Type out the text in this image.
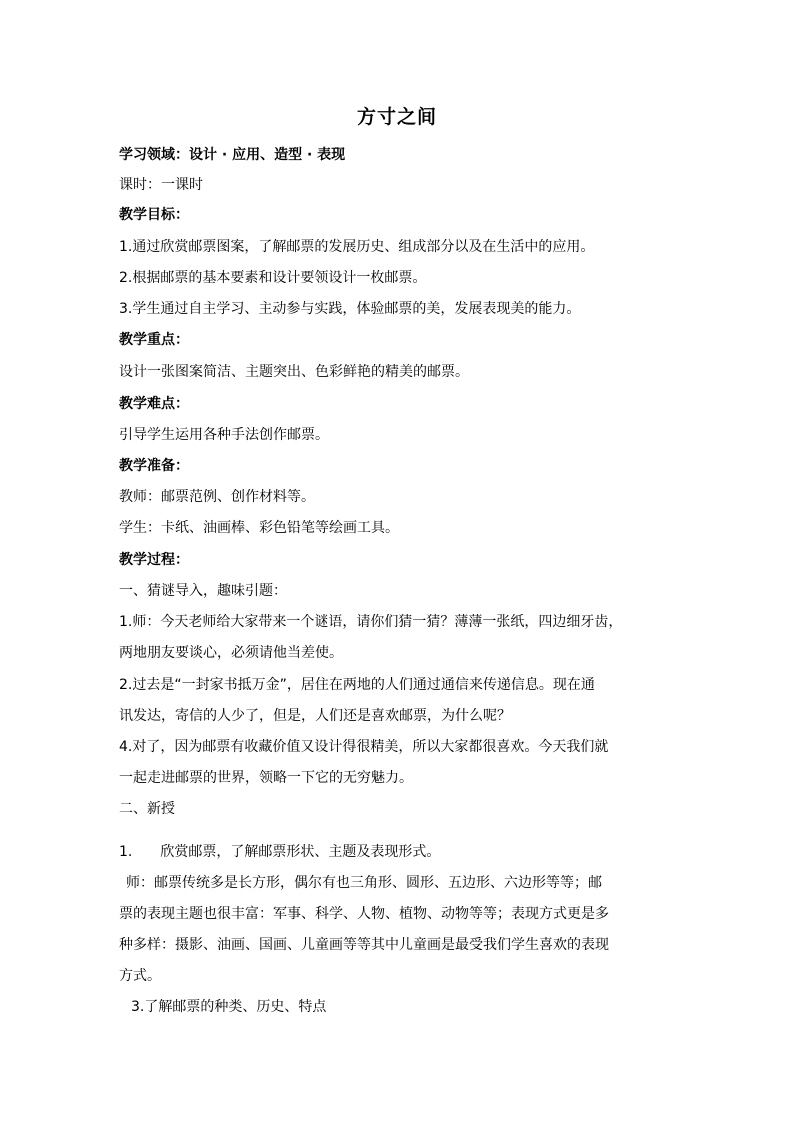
方寸之间
学习领域：设计 · 应用、造型 · 表现
课时：一课时
教学目标：
1.通过欣赏邮票图案，了解邮票的发展历史、组成部分以及在生活中的应用。
2.根据邮票的基本要素和设计要领设计一枚邮票。
3.学生通过自主学习、主动参与实践，体验邮票的美，发展表现美的能力。
教学重点：
设计一张图案简洁、主题突出、色彩鲜艳的精美的邮票。
教学难点：
引导学生运用各种手法创作邮票。
教学准备：
教师：邮票范例、创作材料等。
学生：卡纸、油画棒、彩色铅笔等绘画工具。
教学过程：
一、猜谜导入，趣味引题：
1.师：今天老师给大家带来一个谜语，请你们猜一猜？薄薄一张纸，四边细牙齿，
两地朋友要谈心，必须请他当差使。
2.过去是“一封家书抵万金”，居住在两地的人们通过通信来传递信息。现在通
讯发达，寄信的人少了，但是，人们还是喜欢邮票，为什么呢？
4.对了，因为邮票有收藏价值又设计得很精美，所以大家都很喜欢。今天我们就
一起走进邮票的世界，领略一下它的无穷魅力。
二、新授
1.　　欣赏邮票，了解邮票形状、主题及表现形式。
师：邮票传统多是长方形，偶尔有也三角形、圆形、五边形、六边形等等；邮
票的表现主题也很丰富：军事、科学、人物、植物、动物等等；表现方式更是多
种多样：摄影、油画、国画、儿童画等等其中儿童画是最受我们学生喜欢的表现
方式。
3.了解邮票的种类、历史、特点
